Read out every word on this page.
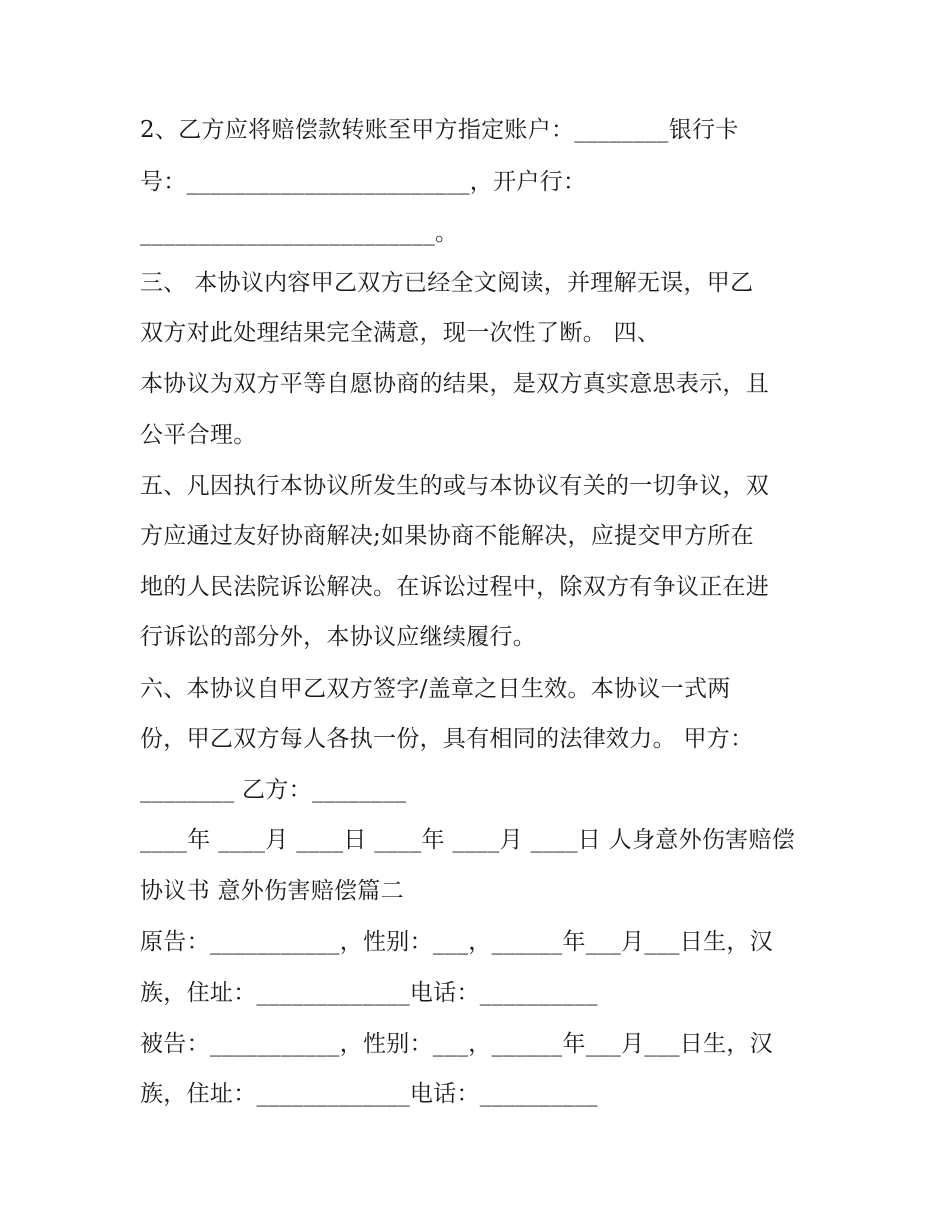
2、乙方应将赔偿款转账至甲方指定账户：________银行卡
号：________________________，开户行：
_________________________。
三、 本协议内容甲乙双方已经全文阅读，并理解无误，甲乙
双方对此处理结果完全满意，现一次性了断。 四、
本协议为双方平等自愿协商的结果，是双方真实意思表示，且
公平合理。
五、凡因执行本协议所发生的或与本协议有关的一切争议，双
方应通过友好协商解决;如果协商不能解决，应提交甲方所在
地的人民法院诉讼解决。在诉讼过程中，除双方有争议正在进
行诉讼的部分外，本协议应继续履行。
六、本协议自甲乙双方签字/盖章之日生效。本协议一式两
份，甲乙双方每人各执一份，具有相同的法律效力。 甲方：
________ 乙方：________
____年 ____月 ____日 ____年 ____月 ____日 人身意外伤害赔偿
协议书 意外伤害赔偿篇二
原告：___________，性别：___，______年___月___日生，汉
族，住址：_____________电话：__________
被告：___________，性别：___，______年___月___日生，汉
族，住址：_____________电话：__________
